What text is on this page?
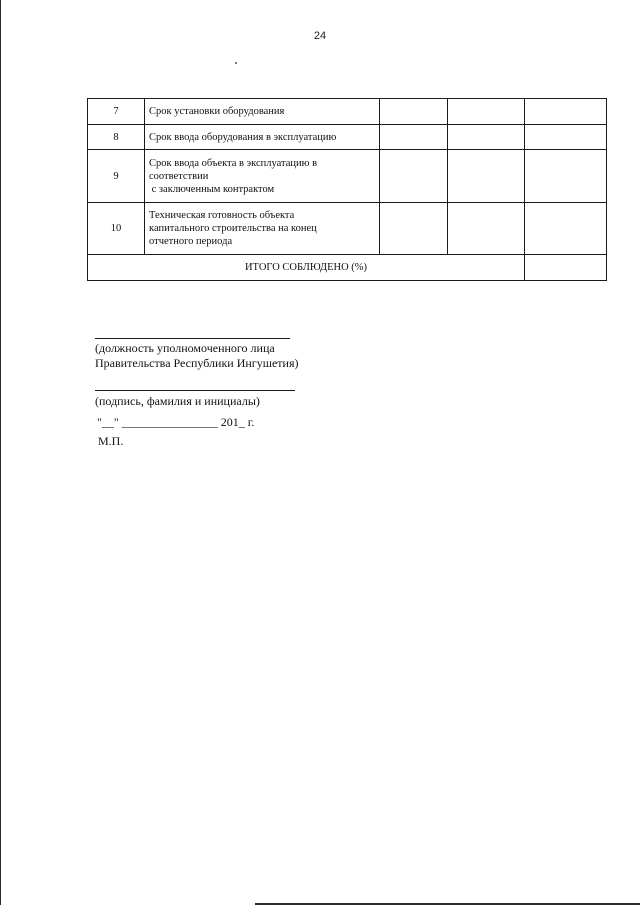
24
7	Срок установки оборудования			

8	Срок ввода оборудования в эксплуатацию			

9	Срок ввода объекта в эксплуатацию в
соответствии
с заключенным контрактом			

10	Техническая готовность объекта
капитального строительства на конец
отчетного периода			

ИТОГО СОБЛЮДЕНО (%)				
(должность уполномоченного лица
Правительства Республики Ингушетия)
(подпись, фамилия и инициалы)
"__" ________________ 201_ г.
М.П.
